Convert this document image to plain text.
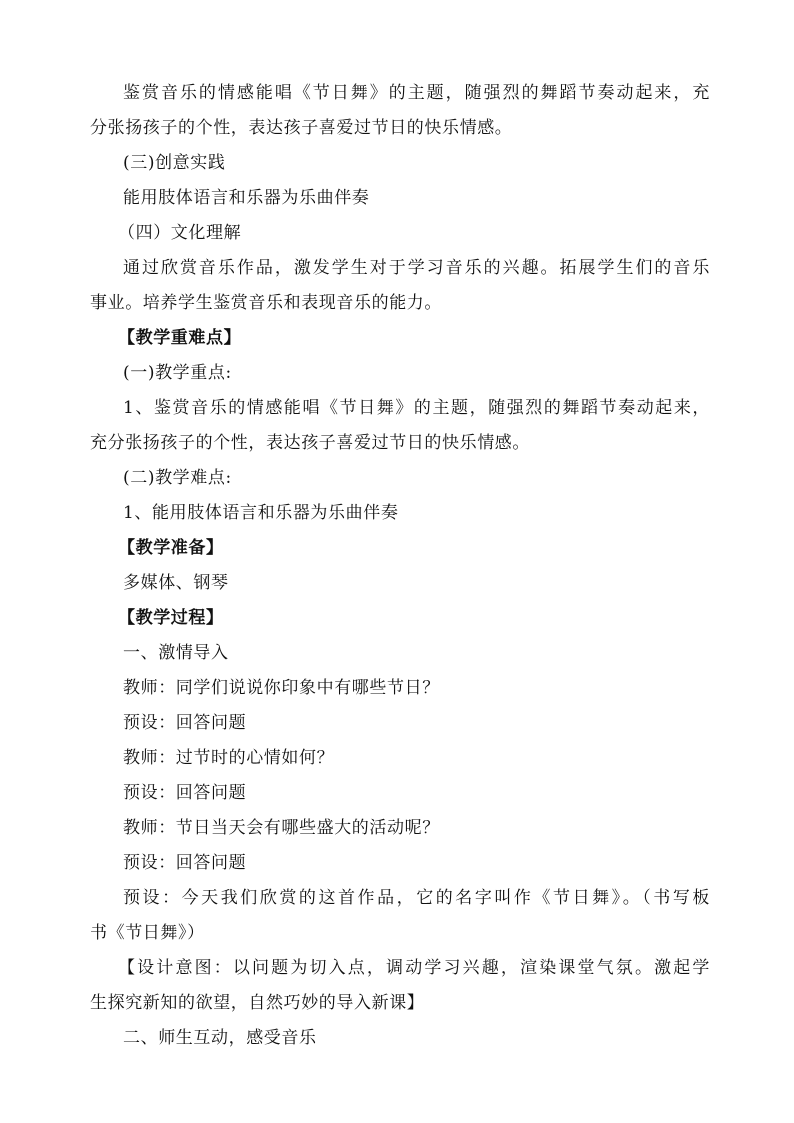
鉴赏音乐的情感能唱《节日舞》的主题，随强烈的舞蹈节奏动起来，充
分张扬孩子的个性，表达孩子喜爱过节日的快乐情感。
(三)创意实践
能用肢体语言和乐器为乐曲伴奏
（四）文化理解
通过欣赏音乐作品，激发学生对于学习音乐的兴趣。拓展学生们的音乐
事业。培养学生鉴赏音乐和表现音乐的能力。
【教学重难点】
(一)教学重点:
1、鉴赏音乐的情感能唱《节日舞》的主题，随强烈的舞蹈节奏动起来，
充分张扬孩子的个性，表达孩子喜爱过节日的快乐情感。
(二)教学难点:
1、能用肢体语言和乐器为乐曲伴奏
【教学准备】
多媒体、钢琴
【教学过程】
一、激情导入
教师：同学们说说你印象中有哪些节日？
预设：回答问题
教师：过节时的心情如何？
预设：回答问题
教师：节日当天会有哪些盛大的活动呢？
预设：回答问题
预设：今天我们欣赏的这首作品，它的名字叫作《节日舞》。（书写板
书《节日舞》）
【设计意图：以问题为切入点，调动学习兴趣，渲染课堂气氛。激起学
生探究新知的欲望，自然巧妙的导入新课】
二、师生互动，感受音乐
